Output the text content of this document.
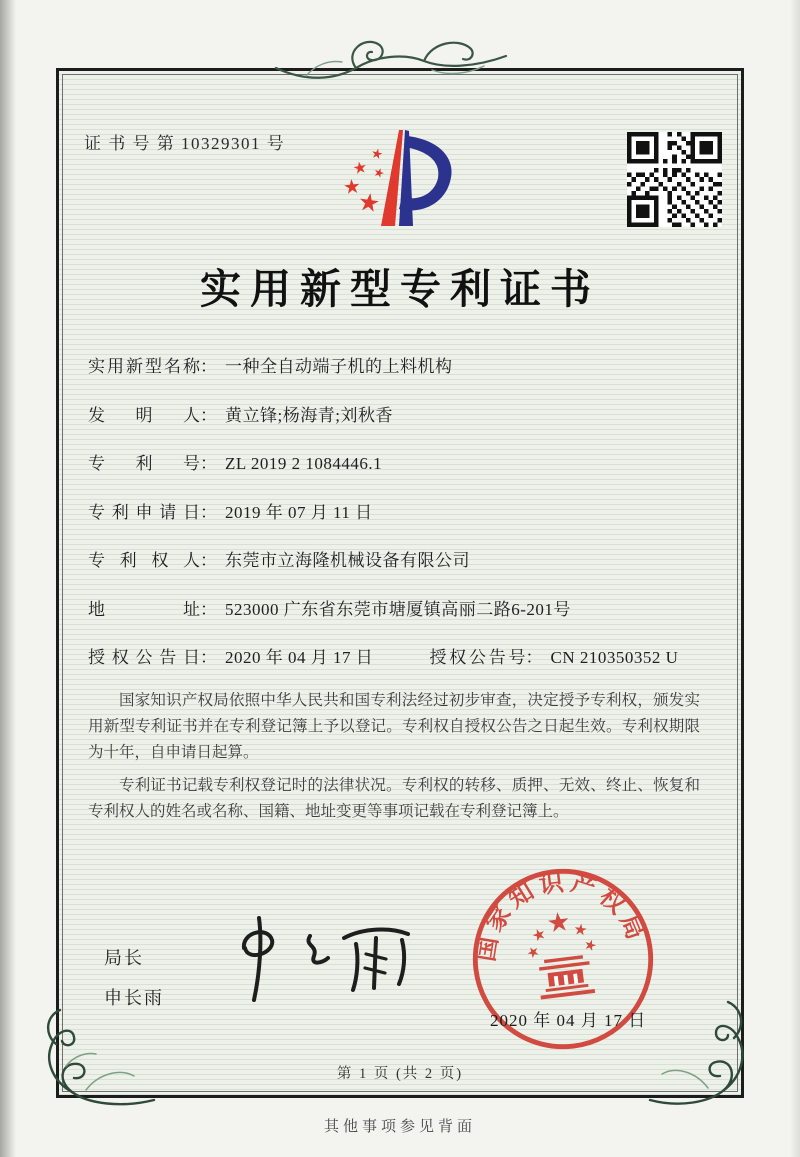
证 书 号 第 10329301 号
实用新型专利证书
实用新型名称： 一种全自动端子机的上料机构
发明人： 黄立锋;杨海青;刘秋香
专利号： ZL 2019 2 1084446.1
专利申请日： 2019 年 07 月 11 日
专利权人： 东莞市立海隆机械设备有限公司
地址： 523000 广东省东莞市塘厦镇高丽二路6-201号
授权公告日： 2020 年 04 月 17 日	授权公告号： CN 210350352 U

国家知识产权局依照中华人民共和国专利法经过初步审查，决定授予专利权，颁发实用新型专利证书并在专利登记簿上予以登记。专利权自授权公告之日起生效。专利权期限为十年，自申请日起算。

专利证书记载专利权登记时的法律状况。专利权的转移、质押、无效、终止、恢复和专利权人的姓名或名称、国籍、地址变更等事项记载在专利登记簿上。

局长
申长雨
国家知识产权局
2020 年 04 月 17 日
第 1 页 (共 2 页)
其他事项参见背面
